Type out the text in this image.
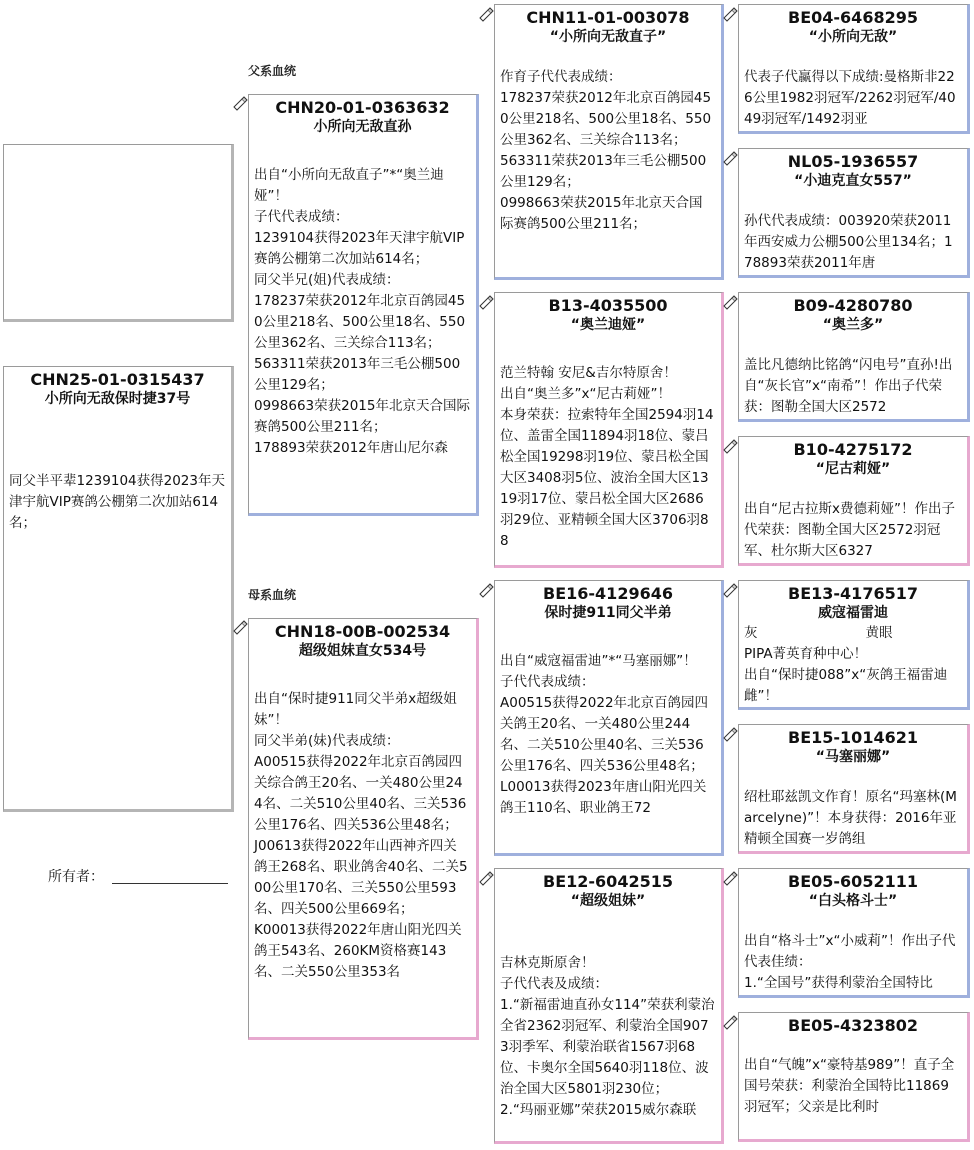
父系血统
母系血统
CHN25-01-0315437
小所向无敌保时捷37号
同父半平辈1239104获得2023年天津宇航VIP赛鸽公棚第二次加站614名；
所有者：
CHN20-01-0363632
小所向无敌直孙
出自“小所向无敌直子”*“奥兰迪娅”！
子代代表成绩：
1239104获得2023年天津宇航VIP赛鸽公棚第二次加站614名；
同父半兄(姐)代表成绩：
178237荣获2012年北京百鸽园450公里218名、500公里18名、550公里362名、三关综合113名；
563311荣获2013年三毛公棚500公里129名；
0998663荣获2015年北京天合国际赛鸽500公里211名；
178893荣获2012年唐山尼尔森
CHN18-00B-002534
超级姐妹直女534号
出自“保时捷911同父半弟x超级姐妹”！
同父半弟(妹)代表成绩：
A00515获得2022年北京百鸽园四关综合鸽王20名、一关480公里244名、二关510公里40名、三关536公里176名、四关536公里48名；
J00613获得2022年山西神齐四关鸽王268名、职业鸽舍40名、二关500公里170名、三关550公里593名、四关500公里669名；
K00013获得2022年唐山阳光四关鸽王543名、260KM资格赛143名、二关550公里353名
CHN11-01-003078
“小所向无敌直子”
作育子代代表成绩：
178237荣获2012年北京百鸽园450公里218名、500公里18名、550公里362名、三关综合113名；
563311荣获2013年三毛公棚500公里129名；
0998663荣获2015年北京天合国际赛鸽500公里211名；
B13-4035500
“奥兰迪娅”
范兰特翰 安尼&吉尔特原舍！
出自“奥兰多”x“尼古莉娅”！
本身荣获：拉索特年全国2594羽14位、盖雷全国11894羽18位、蒙吕松全国19298羽19位、蒙吕松全国大区3408羽5位、波治全国大区1319羽17位、蒙吕松全国大区2686羽29位、亚精顿全国大区3706羽88
BE16-4129646
保时捷911同父半弟
出自“威寇福雷迪”*“马塞丽娜”！
子代代表成绩：
A00515获得2022年北京百鸽园四关鸽王20名、一关480公里244名、二关510公里40名、三关536公里176名、四关536公里48名；
L00013获得2023年唐山阳光四关鸽王110名、职业鸽王72
BE12-6042515
“超级姐妹”
吉林克斯原舍！
子代代表及成绩：
1.“新福雷迪直孙女114”荣获利蒙治全省2362羽冠军、利蒙治全国9073羽季军、利蒙治联省1567羽68位、卡奥尔全国5640羽118位、波治全国大区5801羽230位；
2.“玛丽亚娜”荣获2015威尔森联
BE04-6468295
“小所向无敌”
代表子代赢得以下成绩:曼格斯非226公里1982羽冠军/2262羽冠军/4049羽冠军/1492羽亚
NL05-1936557
“小迪克直女557”
孙代代表成绩：003920荣获2011年西安威力公棚500公里134名；178893荣获2011年唐
B09-4280780
“奥兰多”
盖比凡德纳比铭鸽“闪电号”直孙!出自“灰长官”x“南希”！作出子代荣获：图勒全国大区2572
B10-4275172
“尼古莉娅”
出自“尼古拉斯x费德莉娅”！作出子代荣获：图勒全国大区2572羽冠军、杜尔斯大区6327
BE13-4176517
威寇福雷迪
灰　　　　　　　　黄眼
PIPA菁英育种中心！
出自“保时捷088”x“灰鸽王福雷迪雌”！
BE15-1014621
“马塞丽娜”
绍杜耶兹凯文作育！原名“玛塞林(Marcelyne)”！本身获得：2016年亚精顿全国赛一岁鸽组
BE05-6052111
“白头格斗士”
出自“格斗士”x“小威莉”！作出子代代表佳绩：
1.“全国号”获得利蒙治全国特比
BE05-4323802
出自“气魄”x“豪特基989”！直子全国号荣获：利蒙治全国特比11869羽冠军；父亲是比利时
